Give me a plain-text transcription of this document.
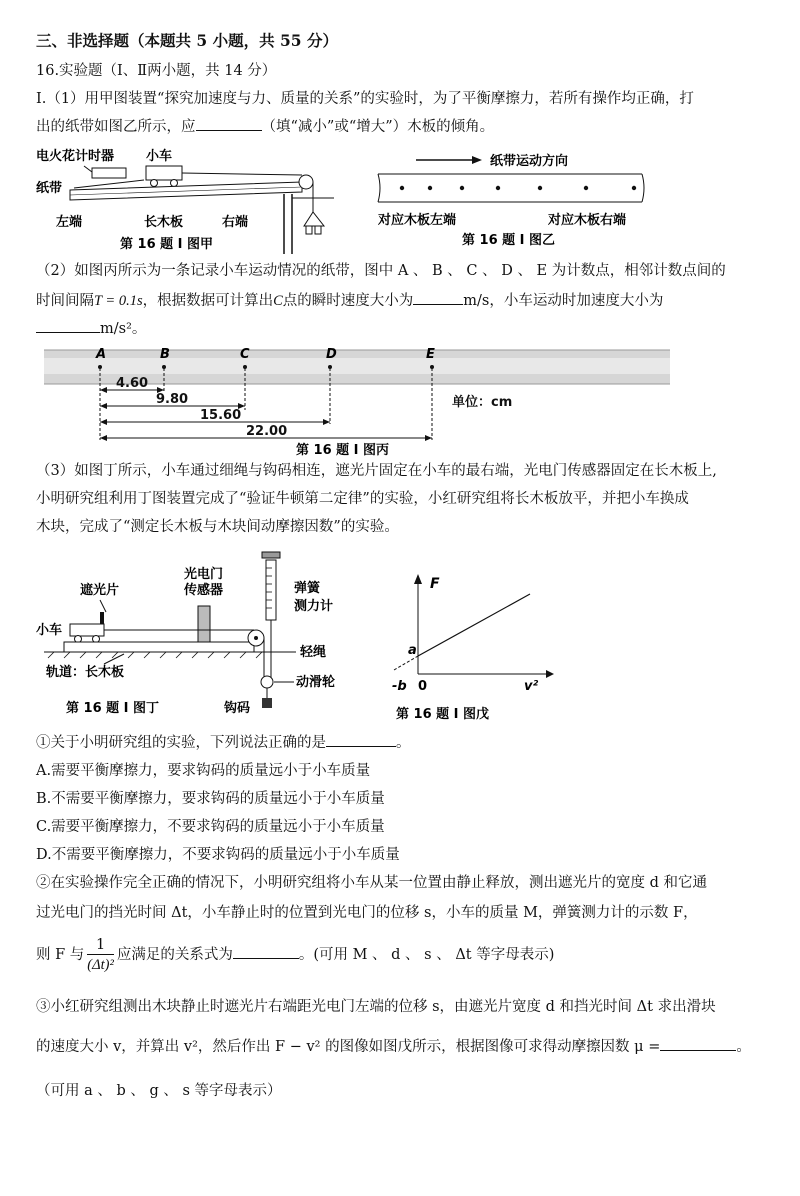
三、非选择题（本题共 5 小题，共 55 分）
16.实验题（Ⅰ、Ⅱ两小题，共 14 分）
Ⅰ.（1）用甲图装置“探究加速度与力、质量的关系”的实验时，为了平衡摩擦力，若所有操作均正确，打
出的纸带如图乙所示，应	（填“减小”或“增大”）木板的倾角。
电火花计时器 小车
纸带
左端	长木板	右端
第 16 题 I 图甲
纸带运动方向
对应木板左端	对应木板右端
第 16 题 I 图乙
（2）如图丙所示为一条记录小车运动情况的纸带，图中 A 、 B 、 C 、 D 、 E 为计数点，相邻计数点间的
时间间隔T = 0.1s，根据数据可计算出C点的瞬时速度大小为	m/s，小车运动时加速度大小为
m/s²。
A	B	C	D	E
4.60
9.80
15.60
22.00
单位：cm
第 16 题 I 图丙
（3）如图丁所示，小车通过细绳与钩码相连，遮光片固定在小车的最右端，光电门传感器固定在长木板上,
小明研究组利用丁图装置完成了“验证牛顿第二定律”的实验，小红研究组将长木板放平，并把小车换成
木块，完成了“测定长木板与木块间动摩擦因数”的实验。
遮光片
光电门
传感器
小车
弹簧
测力计
轻绳
动滑轮
轨道：长木板
钩码
第 16 题 I 图丁
F
v²
a
-b 0
第 16 题 I 图戊
①关于小明研究组的实验，下列说法正确的是	。
A.需要平衡摩擦力，要求钩码的质量远小于小车质量
B.不需要平衡摩擦力，要求钩码的质量远小于小车质量
C.需要平衡摩擦力，不要求钩码的质量远小于小车质量
D.不需要平衡摩擦力，不要求钩码的质量远小于小车质量
②在实验操作完全正确的情况下，小明研究组将小车从某一位置由静止释放，测出遮光片的宽度 d 和它通
过光电门的挡光时间 Δt，小车静止时的位置到光电门的位移 s，小车的质量 M，弹簧测力计的示数 F，
则 F 与 $\frac{1}{\text{(Δt)²}}$ 应满足的关系式为	。(可用 M 、 d 、 s 、 Δt 等字母表示)
③小红研究组测出木块静止时遮光片右端距光电门左端的位移 s，由遮光片宽度 d 和挡光时间 Δt 求出滑块
的速度大小 v，并算出 v²，然后作出 F − v² 的图像如图戊所示，根据图像可求得动摩擦因数 μ =	。
（可用 a 、 b 、 g 、 s 等字母表示）
